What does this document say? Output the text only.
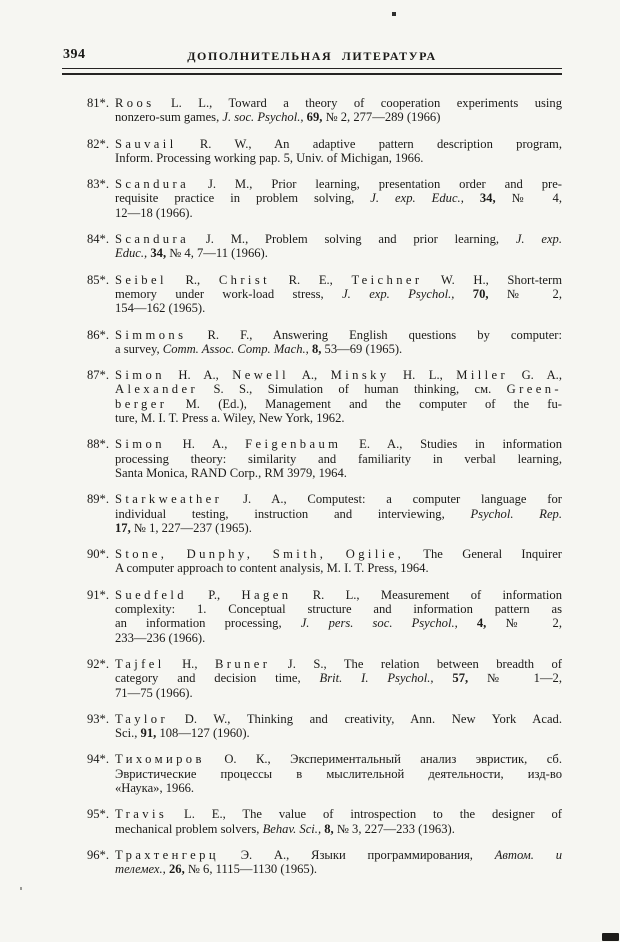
394	ДОПОЛНИТЕЛЬНАЯ ЛИТЕРАТУРА
81*. Roos L. L., Toward a theory of cooperation experiments using
nonzero-sum games, J. soc. Psychol., 69, № 2, 277—289 (1966)
82*. Sauvail R. W., An adaptive pattern description program,
Inform. Processing working pap. 5, Univ. of Michigan, 1966.
83*. Scandura J. M., Prior learning, presentation order and pre-
requisite practice in problem solving, J. exp. Educ., 34, № 4,
12—18 (1966).
84*. Scandura J. M., Problem solving and prior learning, J. exp.
Educ., 34, № 4, 7—11 (1966).
85*. Seibel R., Christ R. E., Teichner W. H., Short-term
memory under work-load stress, J. exp. Psychol., 70, № 2,
154—162 (1965).
86*. Simmons R. F., Answering English questions by computer:
a survey, Comm. Assoc. Comp. Mach., 8, 53—69 (1965).
87*. Simon H. A., Newell A., Minsky H. L., Miller G. A.,
Alexander S. S., Simulation of human thinking, см. Green-
berger M. (Ed.), Management and the computer of the fu-
ture, M. I. T. Press a. Wiley, New York, 1962.
88*. Simon H. A., Feigenbaum E. A., Studies in information
processing theory: similarity and familiarity in verbal learning,
Santa Monica, RAND Corp., RM 3979, 1964.
89*. Starkweather J. A., Computest: a computer language for
individual testing, instruction and interviewing, Psychol. Rep.
17, № 1, 227—237 (1965).
90*. Stone, Dunphy, Smith, Ogilie, The General Inquirer
A computer approach to content analysis, M. I. T. Press, 1964.
91*. Suedfeld P., Hagen R. L., Measurement of information
complexity: 1. Conceptual structure and information pattern as
an information processing, J. pers. soc. Psychol., 4, № 2,
233—236 (1966).
92*. Tajfel H., Bruner J. S., The relation between breadth of
category and decision time, Brit. I. Psychol., 57, № 1—2,
71—75 (1966).
93*. Taylor D. W., Thinking and creativity, Ann. New York Acad.
Sci., 91, 108—127 (1960).
94*. Тихомиров О. К., Экспериментальный анализ эвристик, сб.
Эвристические процессы в мыслительной деятельности, изд-во
«Наука», 1966.
95*. Travis L. E., The value of introspection to the designer of
mechanical problem solvers, Behav. Sci., 8, № 3, 227—233 (1963).
96*. Трахтенгерц Э. А., Языки программирования, Автом. и
телемех., 26, № 6, 1115—1130 (1965).
